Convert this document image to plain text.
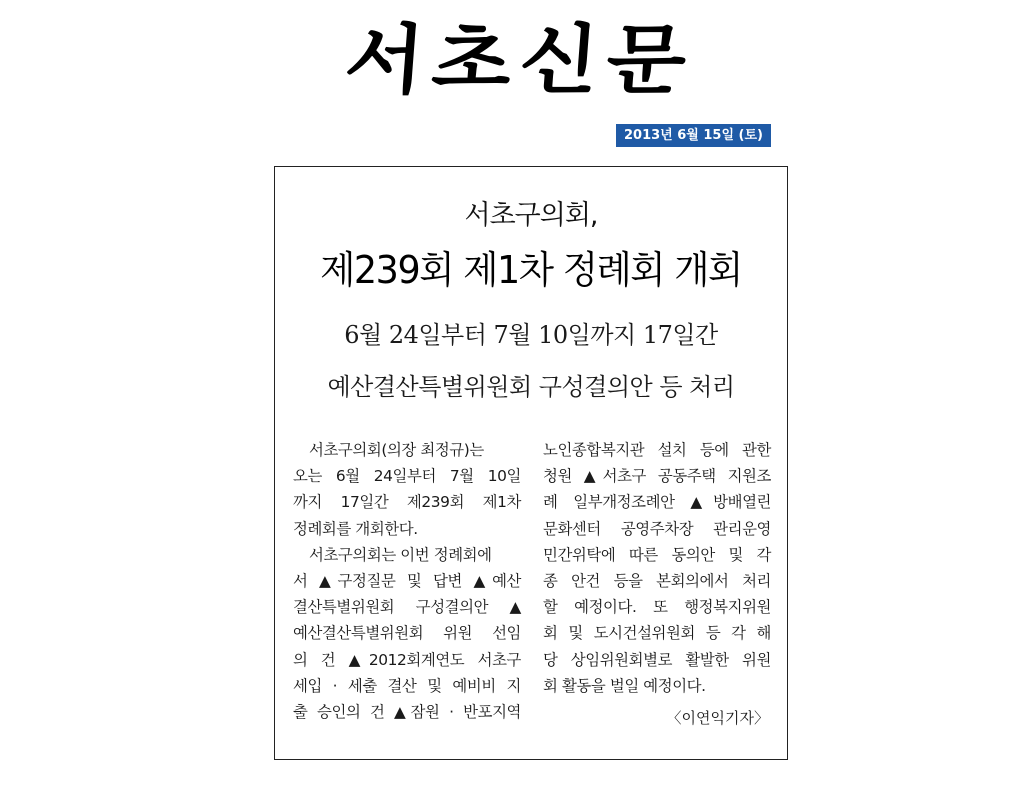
서초신문
2013년 6월 15일 (토)
서초구의회,
제239회 제1차 정례회 개회
6월 24일부터 7월 10일까지 17일간
예산결산특별위원회 구성결의안 등 처리
서초구의회(의장 최정규)는
오는 6월 24일부터 7월 10일
까지 17일간 제239회 제1차
정례회를 개회한다.
서초구의회는 이번 정례회에
서 ▲구정질문 및 답변 ▲예산
결산특별위원회 구성결의안 ▲
예산결산특별위원회 위원 선임
의 건 ▲2012회계연도 서초구
세입 · 세출 결산 및 예비비 지
출 승인의 건 ▲잠원 · 반포지역
노인종합복지관 설치 등에 관한
청원 ▲서초구 공동주택 지원조
례 일부개정조례안 ▲방배열린
문화센터 공영주차장 관리운영
민간위탁에 따른 동의안 및 각
종 안건 등을 본회의에서 처리
할 예정이다. 또 행정복지위원
회 및 도시건설위원회 등 각 해
당 상임위원회별로 활발한 위원
회 활동을 벌일 예정이다.
〈이연익기자〉
